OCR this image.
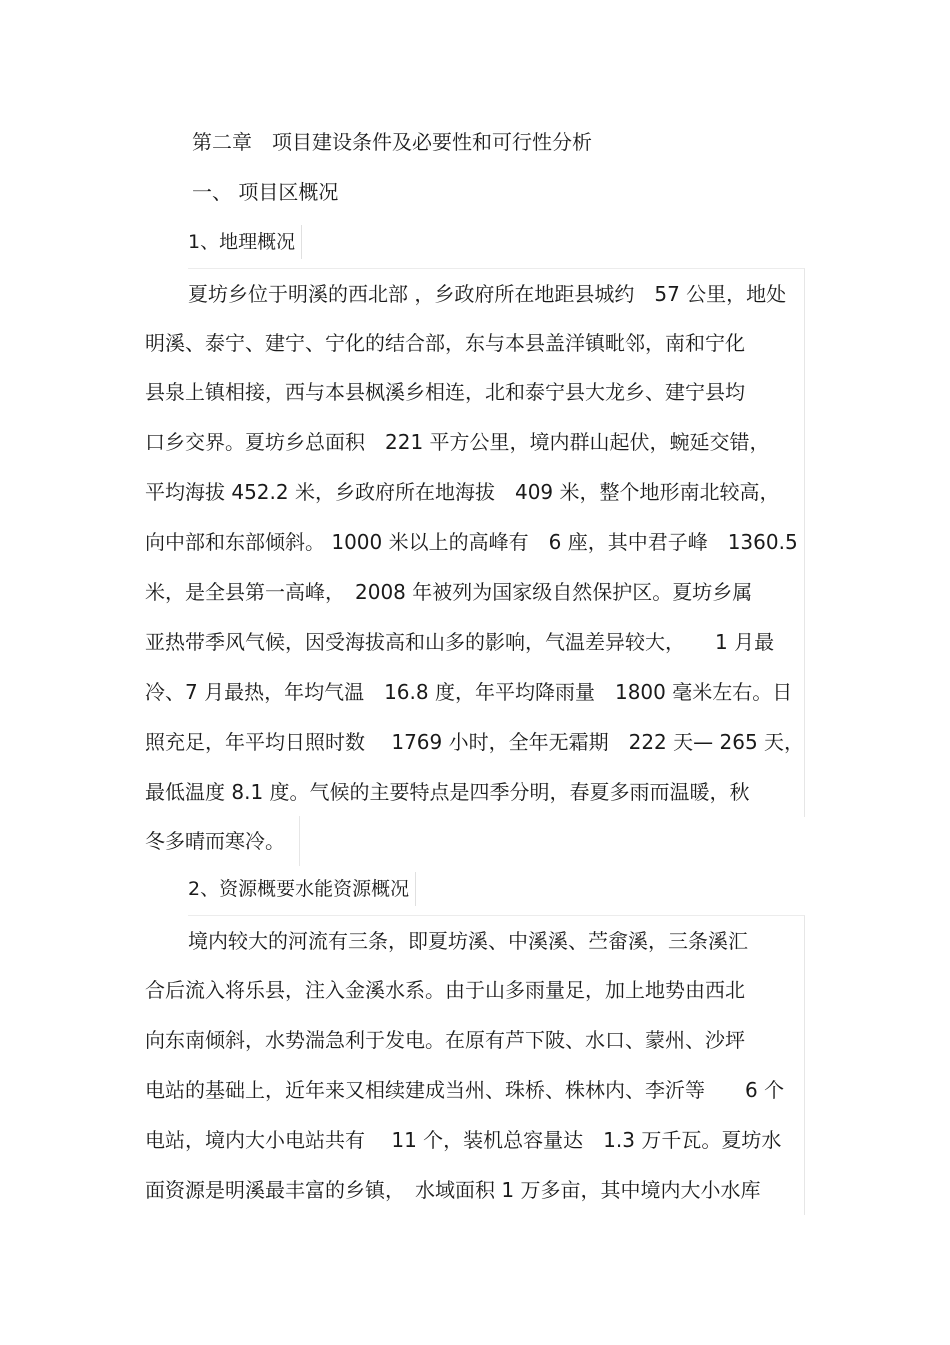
第二章　项目建设条件及必要性和可行性分析
一、 项目区概况
1、地理概况
夏坊乡位于明溪的西北部 ，乡政府所在地距县城约　57 公里，地处
明溪、泰宁、建宁、宁化的结合部，东与本县盖洋镇毗邻，南和宁化
县泉上镇相接，西与本县枫溪乡相连，北和泰宁县大龙乡、建宁县均
口乡交界。夏坊乡总面积　221 平方公里，境内群山起伏，蜿延交错，
平均海拔 452.2 米，乡政府所在地海拔　409 米，整个地形南北较高，
向中部和东部倾斜。 1000 米以上的高峰有　6 座，其中君子峰　1360.5
米，是全县第一高峰，　2008 年被列为国家级自然保护区。夏坊乡属
亚热带季风气候，因受海拔高和山多的影响，气温差异较大，　　1 月最
冷、7 月最热，年均气温　16.8 度，年平均降雨量　1800 毫米左右。日
照充足，年平均日照时数　 1769 小时，全年无霜期　222 天— 265 天，
最低温度 8.1 度。气候的主要特点是四季分明，春夏多雨而温暖，秋
冬多晴而寒冷。
2、资源概要水能资源概况
境内较大的河流有三条，即夏坊溪、中溪溪、苎畲溪，三条溪汇
合后流入将乐县，注入金溪水系。由于山多雨量足，加上地势由西北
向东南倾斜，水势湍急利于发电。在原有芦下陂、水口、蒙州、沙坪
电站的基础上，近年来又相续建成当州、珠桥、株林内、李沂等　　6 个
电站，境内大小电站共有　 11 个，装机总容量达　1.3 万千瓦。夏坊水
面资源是明溪最丰富的乡镇，　水域面积 1 万多亩，其中境内大小水库
